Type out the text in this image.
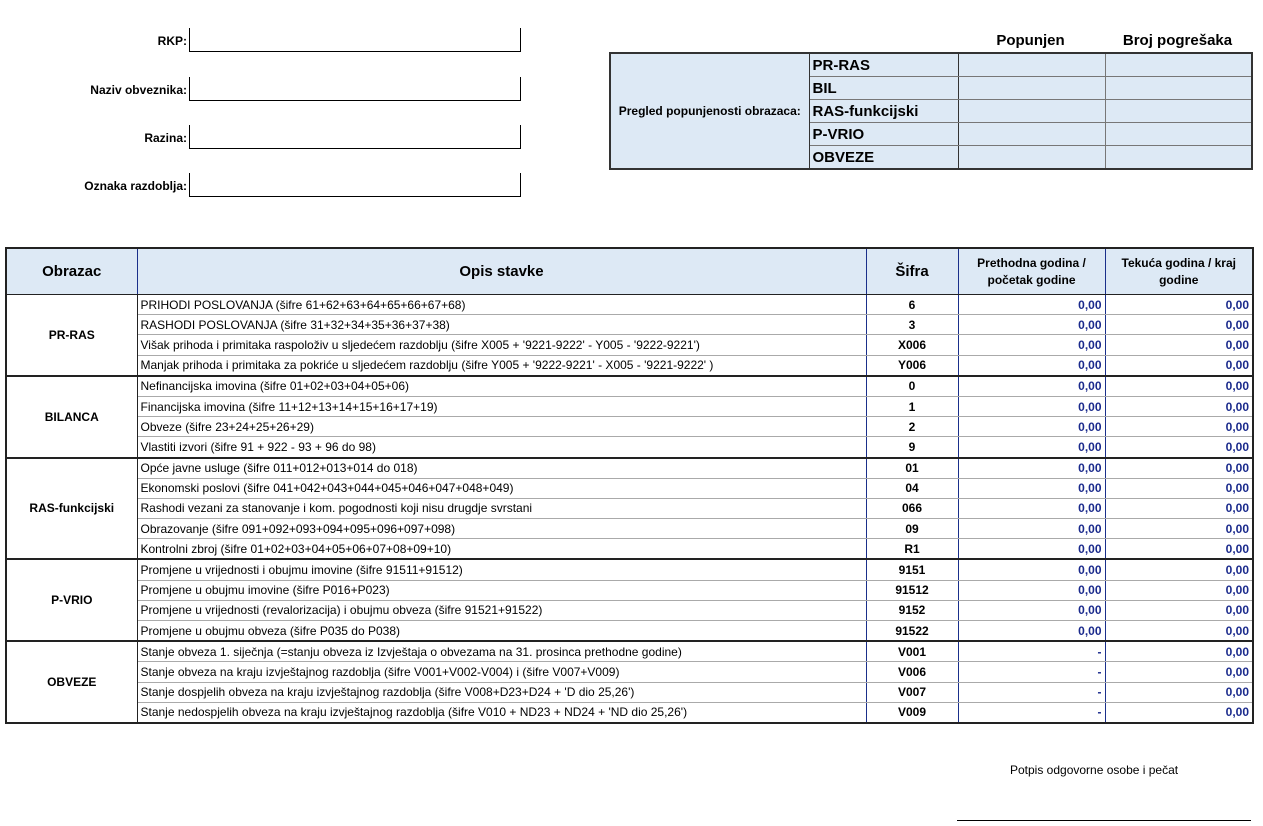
RKP:
Naziv obveznika:
Razina:
Oznaka razdoblja:
Popunjen	Broj pogrešaka
Pregled popunjenosti obrazaca:	PR-RAS		
	BIL		
	RAS-funkcijski		
	P-VRIO		
	OBVEZE		
Obrazac	Opis stavke	Šifra	Prethodna godina / početak godine	Tekuća godina / kraj godine
PR-RAS	PRIHODI POSLOVANJA (šifre 61+62+63+64+65+66+67+68)	6	0,00	0,00
	RASHODI POSLOVANJA (šifre 31+32+34+35+36+37+38)	3	0,00	0,00
	Višak prihoda i primitaka raspoloživ u sljedećem razdoblju (šifre X005 + '9221-9222' - Y005 - '9222-9221')	X006	0,00	0,00
	Manjak prihoda i primitaka za pokriće u sljedećem razdoblju (šifre Y005 + '9222-9221' - X005 - '9221-9222' )	Y006	0,00	0,00
BILANCA	Nefinancijska imovina (šifre 01+02+03+04+05+06)	0	0,00	0,00
	Financijska imovina (šifre 11+12+13+14+15+16+17+19)	1	0,00	0,00
	Obveze (šifre 23+24+25+26+29)	2	0,00	0,00
	Vlastiti izvori (šifre 91 + 922 - 93 + 96 do 98)	9	0,00	0,00
RAS-funkcijski	Opće javne usluge (šifre 011+012+013+014 do 018)	01	0,00	0,00
	Ekonomski poslovi (šifre 041+042+043+044+045+046+047+048+049)	04	0,00	0,00
	Rashodi vezani za stanovanje i kom. pogodnosti koji nisu drugdje svrstani	066	0,00	0,00
	Obrazovanje (šifre 091+092+093+094+095+096+097+098)	09	0,00	0,00
	Kontrolni zbroj (šifre 01+02+03+04+05+06+07+08+09+10)	R1	0,00	0,00
P-VRIO	Promjene u vrijednosti i obujmu imovine (šifre 91511+91512)	9151	0,00	0,00
	Promjene u obujmu imovine (šifre P016+P023)	91512	0,00	0,00
	Promjene u vrijednosti (revalorizacija) i obujmu obveza (šifre 91521+91522)	9152	0,00	0,00
	Promjene u obujmu obveza (šifre P035 do P038)	91522	0,00	0,00
OBVEZE	Stanje obveza 1. siječnja (=stanju obveza iz Izvještaja o obvezama na 31. prosinca prethodne godine)	V001	-	0,00
	Stanje obveza na kraju izvještajnog razdoblja (šifre V001+V002-V004) i (šifre V007+V009)	V006	-	0,00
	Stanje dospjelih obveza na kraju izvještajnog razdoblja (šifre V008+D23+D24 + 'D dio 25,26')	V007	-	0,00
	Stanje nedospjelih obveza na kraju izvještajnog razdoblja (šifre V010 + ND23 + ND24 + 'ND dio 25,26')	V009	-	0,00
Potpis odgovorne osobe i pečat
